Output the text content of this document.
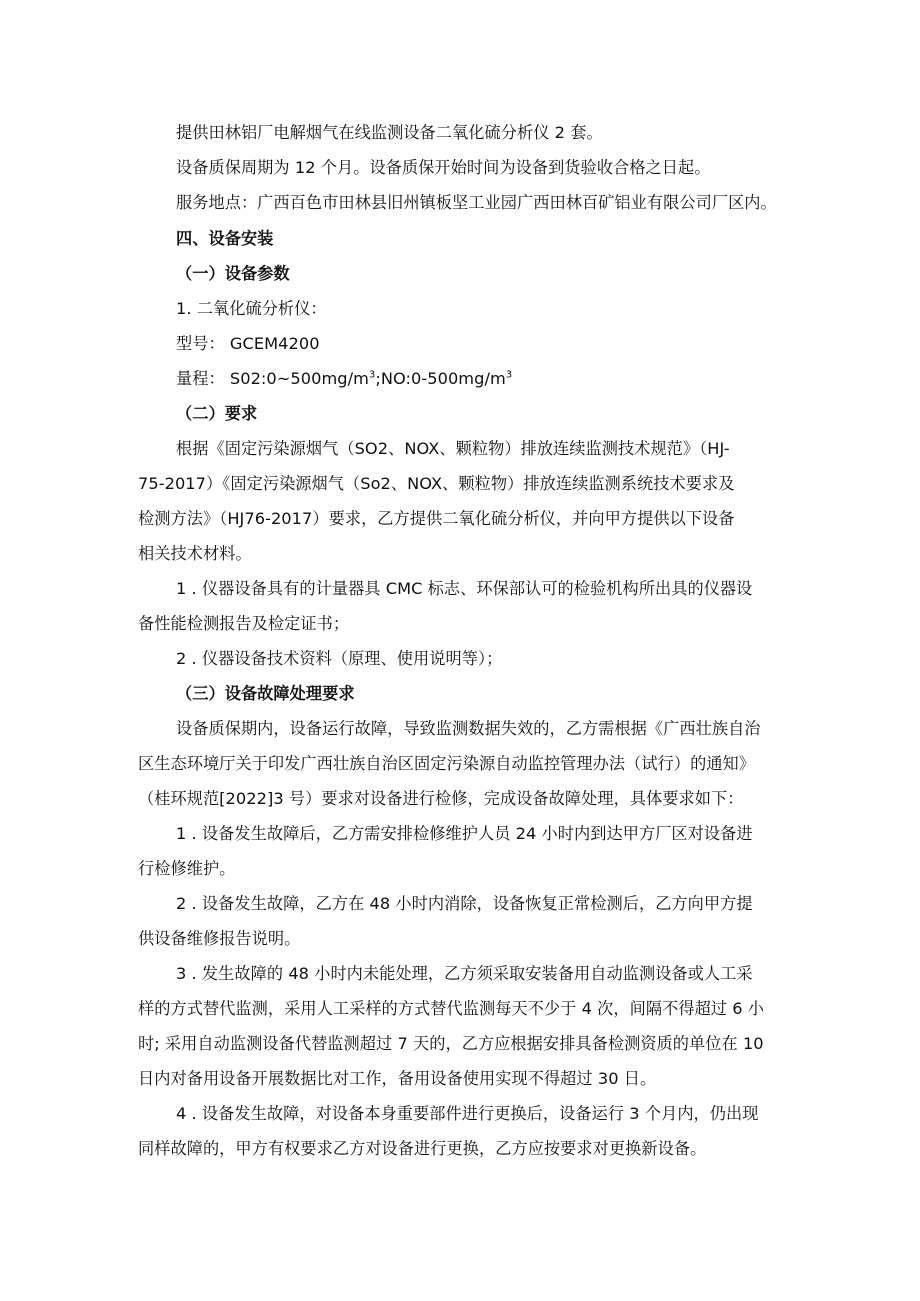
提供田林铝厂电解烟气在线监测设备二氧化硫分析仪 2 套。

设备质保周期为 12 个月。设备质保开始时间为设备到货验收合格之日起。

服务地点：广西百色市田林县旧州镇板坚工业园广西田林百矿铝业有限公司厂区内。

四、设备安装

（一）设备参数

1. 二氧化硫分析仪：

型号： GCEM4200

量程： $S02:0\sim 500mg/m^3;NO:0-500mg/m^3$

（二）要求

根据《固定污染源烟气（SO2、NOX、颗粒物）排放连续监测技术规范》（HJ-

75-2017）《固定污染源烟气（So2、NOX、颗粒物）排放连续监测系统技术要求及

检测方法》（HJ76-2017）要求，乙方提供二氧化硫分析仪，并向甲方提供以下设备

相关技术材料。

1 . 仪器设备具有的计量器具 CMC 标志、环保部认可的检验机构所出具的仪器设

备性能检测报告及检定证书；

2 . 仪器设备技术资料（原理、使用说明等）；

（三）设备故障处理要求

设备质保期内，设备运行故障，导致监测数据失效的，乙方需根据《广西壮族自治

区生态环境厅关于印发广西壮族自治区固定污染源自动监控管理办法（试行）的通知》

（桂环规范[2022]3 号）要求对设备进行检修，完成设备故障处理，具体要求如下：

1 . 设备发生故障后，乙方需安排检修维护人员 24 小时内到达甲方厂区对设备进

行检修维护。

2 . 设备发生故障，乙方在 48 小时内消除，设备恢复正常检测后，乙方向甲方提

供设备维修报告说明。

3 . 发生故障的 48 小时内未能处理，乙方须采取安装备用自动监测设备或人工采

样的方式替代监测，采用人工采样的方式替代监测每天不少于 4 次，间隔不得超过 6 小

时; 采用自动监测设备代替监测超过 7 天的，乙方应根据安排具备检测资质的单位在 10

日内对备用设备开展数据比对工作，备用设备使用实现不得超过 30 日。

4 . 设备发生故障，对设备本身重要部件进行更换后，设备运行 3 个月内，仍出现

同样故障的，甲方有权要求乙方对设备进行更换，乙方应按要求对更换新设备。
